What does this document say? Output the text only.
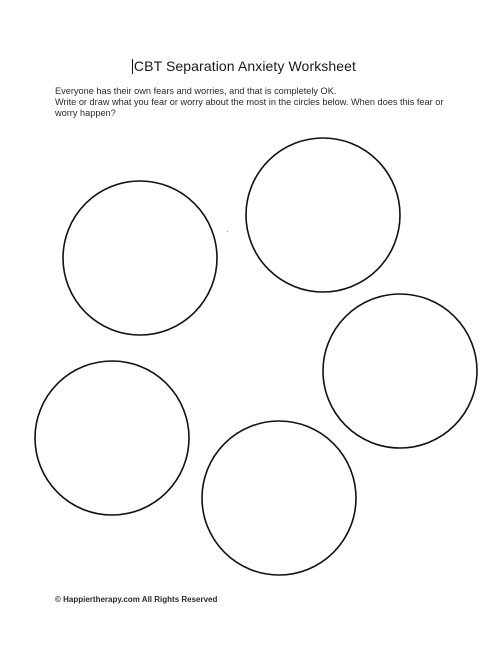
CBT Separation Anxiety Worksheet

Everyone has their own fears and worries, and that is completely OK.

Write or draw what you fear or worry about the most in the circles below. When does this fear or worry happen?

© Happiertherapy.com All Rights Reserved
